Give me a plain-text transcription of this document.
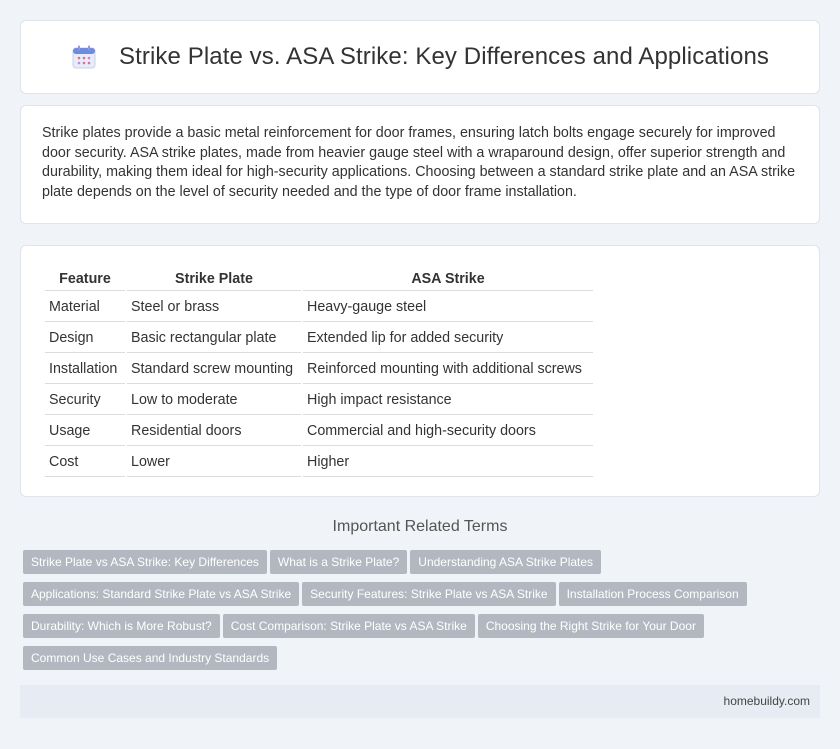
Strike Plate vs. ASA Strike: Key Differences and Applications

Strike plates provide a basic metal reinforcement for door frames, ensuring latch bolts engage securely for improved door security. ASA strike plates, made from heavier gauge steel with a wraparound design, offer superior strength and durability, making them ideal for high-security applications. Choosing between a standard strike plate and an ASA strike plate depends on the level of security needed and the type of door frame installation.

Feature	Strike Plate	ASA Strike
Material	Steel or brass	Heavy-gauge steel
Design	Basic rectangular plate	Extended lip for added security
Installation	Standard screw mounting	Reinforced mounting with additional screws
Security	Low to moderate	High impact resistance
Usage	Residential doors	Commercial and high-security doors
Cost	Lower	Higher
Important Related Terms
Strike Plate vs ASA Strike: Key Differences What is a Strike Plate? Understanding ASA Strike Plates
Applications: Standard Strike Plate vs ASA Strike Security Features: Strike Plate vs ASA Strike Installation Process Comparison
Durability: Which is More Robust? Cost Comparison: Strike Plate vs ASA Strike Choosing the Right Strike for Your Door
Common Use Cases and Industry Standards
homebuildy.com
